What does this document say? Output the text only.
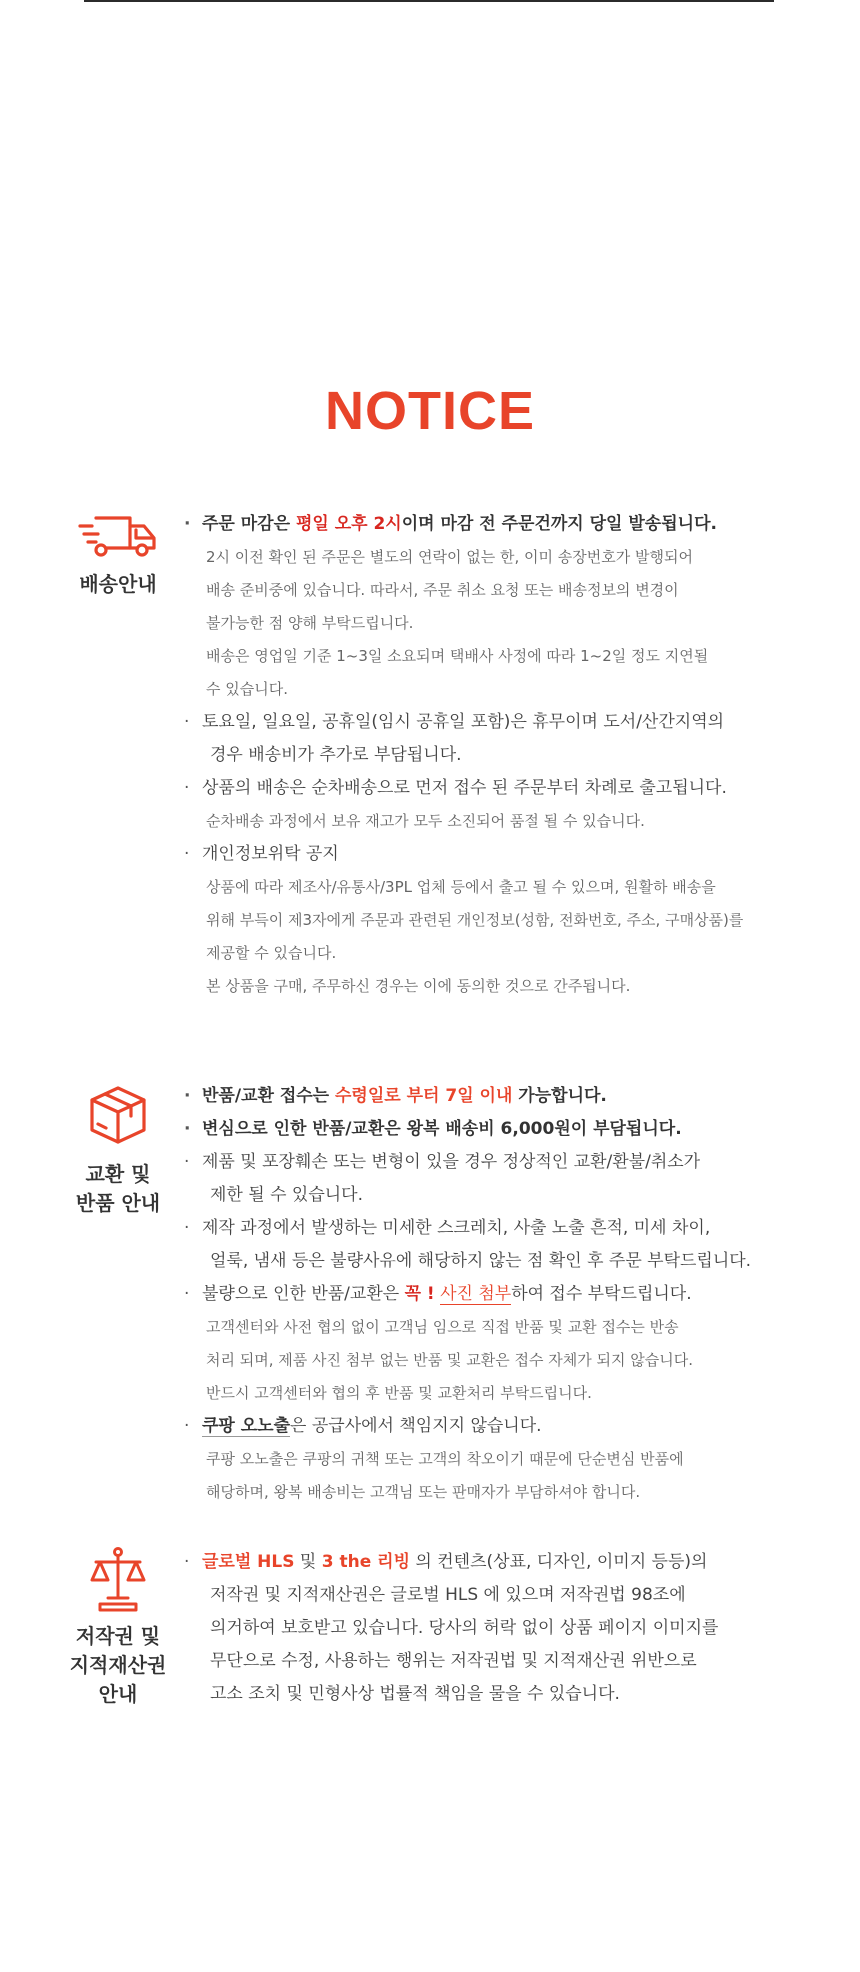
NOTICE
배송안내
· 주문 마감은 평일 오후 2시이며 마감 전 주문건까지 당일 발송됩니다.
2시 이전 확인 된 주문은 별도의 연락이 없는 한, 이미 송장번호가 발행되어
배송 준비중에 있습니다. 따라서, 주문 취소 요청 또는 배송정보의 변경이
불가능한 점 양해 부탁드립니다.
배송은 영업일 기준 1~3일 소요되며 택배사 사정에 따라 1~2일 정도 지연될
수 있습니다.
· 토요일, 일요일, 공휴일(임시 공휴일 포함)은 휴무이며 도서/산간지역의
경우 배송비가 추가로 부담됩니다.
· 상품의 배송은 순차배송으로 먼저 접수 된 주문부터 차례로 출고됩니다.
순차배송 과정에서 보유 재고가 모두 소진되어 품절 될 수 있습니다.
· 개인정보위탁 공지
상품에 따라 제조사/유통사/3PL 업체 등에서 출고 될 수 있으며, 원활하 배송을
위해 부득이 제3자에게 주문과 관련된 개인정보(성함, 전화번호, 주소, 구매상품)를
제공할 수 있습니다.
본 상품을 구매, 주무하신 경우는 이에 동의한 것으로 간주됩니다.
교환 및
반품 안내
· 반품/교환 접수는 수령일로 부터 7일 이내 가능합니다.
· 변심으로 인한 반품/교환은 왕복 배송비 6,000원이 부담됩니다.
· 제품 및 포장훼손 또는 변형이 있을 경우 정상적인 교환/환불/취소가
제한 될 수 있습니다.
· 제작 과정에서 발생하는 미세한 스크레치, 사출 노출 흔적, 미세 차이,
얼룩, 냄새 등은 불량사유에 해당하지 않는 점 확인 후 주문 부탁드립니다.
· 불량으로 인한 반품/교환은 꼭 ! 사진 첨부하여 접수 부탁드립니다.
고객센터와 사전 협의 없이 고객님 임으로 직접 반품 및 교환 접수는 반송
처리 되며, 제품 사진 첨부 없는 반품 및 교환은 접수 자체가 되지 않습니다.
반드시 고객센터와 협의 후 반품 및 교환처리 부탁드립니다.
· 쿠팡 오노출은 공급사에서 책임지지 않습니다.
쿠팡 오노출은 쿠팡의 귀책 또는 고객의 착오이기 때문에 단순변심 반품에
해당하며, 왕복 배송비는 고객님 또는 판매자가 부담하셔야 합니다.
저작권 및
지적재산권
안내
· 글로벌 HLS 및 3 the 리빙 의 컨텐츠(상표, 디자인, 이미지 등등)의
저작권 및 지적재산권은 글로벌 HLS 에 있으며 저작권법 98조에
의거하여 보호받고 있습니다. 당사의 허락 없이 상품 페이지 이미지를
무단으로 수정, 사용하는 행위는 저작권법 및 지적재산권 위반으로
고소 조치 및 민형사상 법률적 책임을 물을 수 있습니다.
